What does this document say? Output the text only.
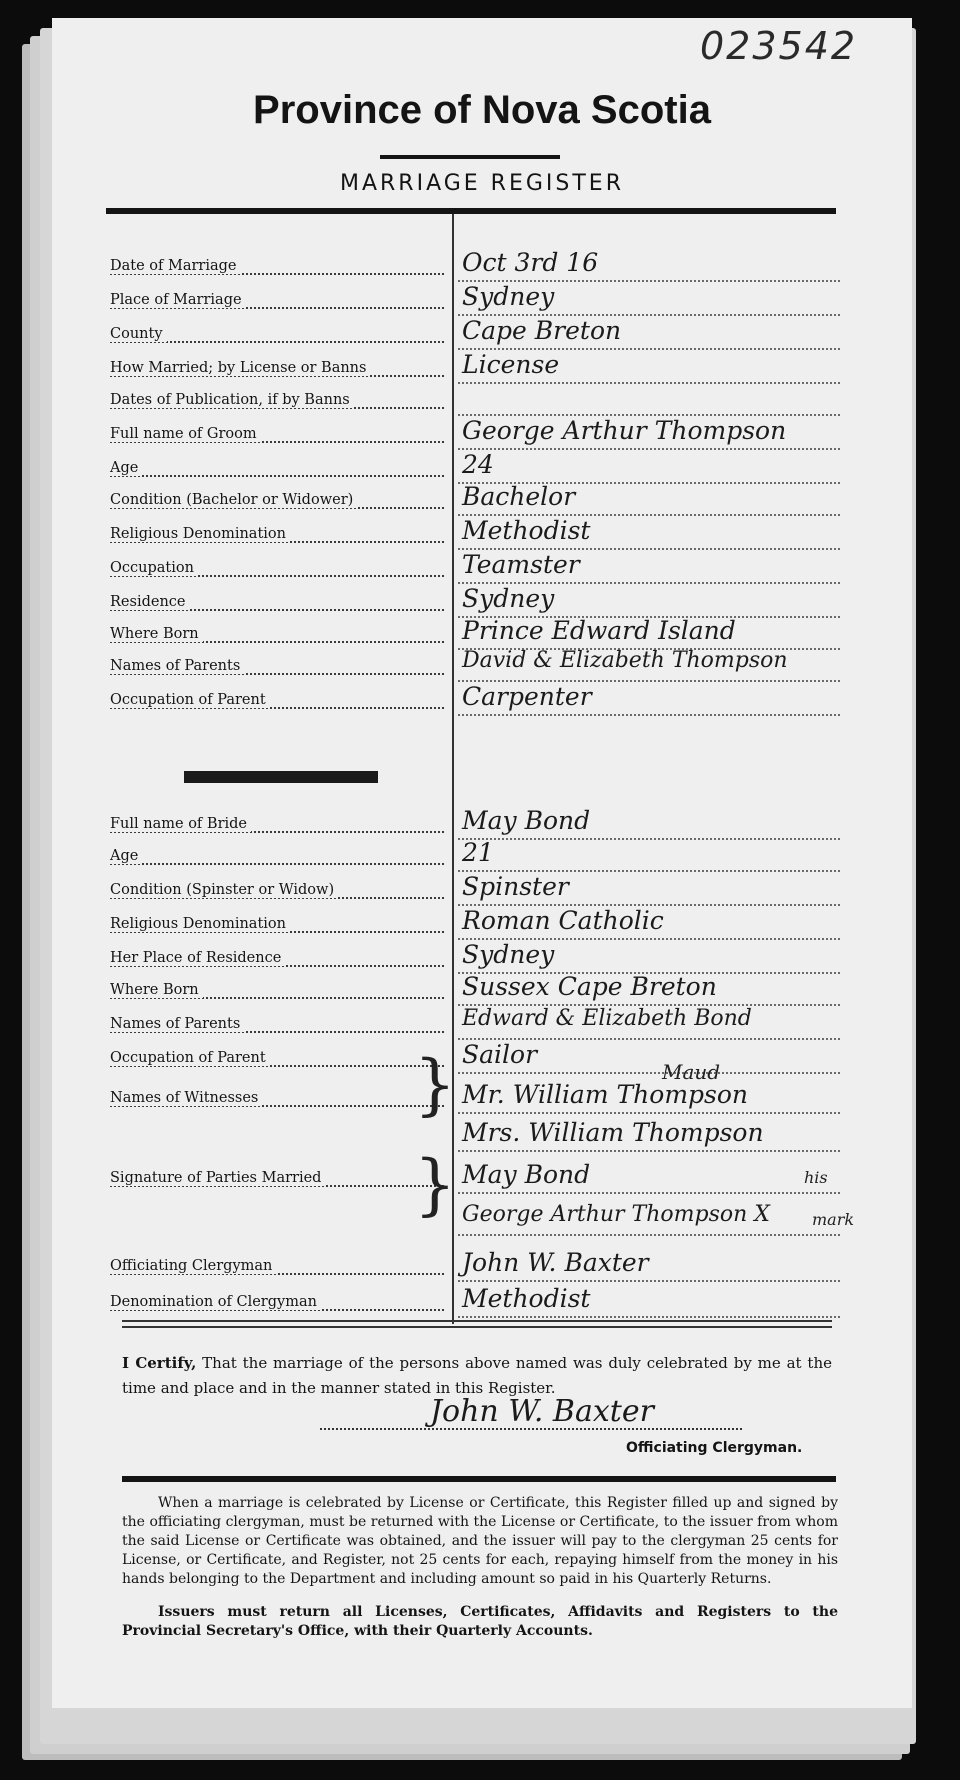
023542
Province of Nova Scotia
MARRIAGE REGISTER
Date of Marriage	Oct 3rd 16
Place of Marriage	Sydney
County	Cape Breton
How Married; by License or Banns	License
Dates of Publication, if by Banns
Full name of Groom	George Arthur Thompson
Age	24
Condition (Bachelor or Widower)	Bachelor
Religious Denomination	Methodist
Occupation	Teamster
Residence	Sydney
Where Born	Prince Edward Island
Names of Parents	David & Elizabeth Thompson
Occupation of Parent	Carpenter
Full name of Bride	May Bond
Age	21
Condition (Spinster or Widow)	Spinster
Religious Denomination	Roman Catholic
Her Place of Residence	Sydney
Where Born	Sussex Cape Breton
Names of Parents	Edward & Elizabeth Bond
Occupation of Parent	Sailor
Names of Witnesses	Mr. William Thompson
Mrs. William Thompson
Signature of Parties Married	May Bond
George Arthur Thompson X
Officiating Clergyman	John W. Baxter
Denomination of Clergyman	Methodist
}
}
Maud
his
mark
I Certify, That the marriage of the persons above named was duly celebrated by me at the time and place and in the manner stated in this Register.
John W. Baxter
Officiating Clergyman.
When a marriage is celebrated by License or Certificate, this Register filled up and signed by the officiating clergyman, must be returned with the License or Certificate, to the issuer from whom the said License or Certificate was obtained, and the issuer will pay to the clergyman 25 cents for License, or Certificate, and Register, not 25 cents for each, repaying himself from the money in his hands belonging to the Department and including amount so paid in his Quarterly Returns.
Issuers must return all Licenses, Certificates, Affidavits and Registers to the Provincial Secretary's Office, with their Quarterly Accounts.
